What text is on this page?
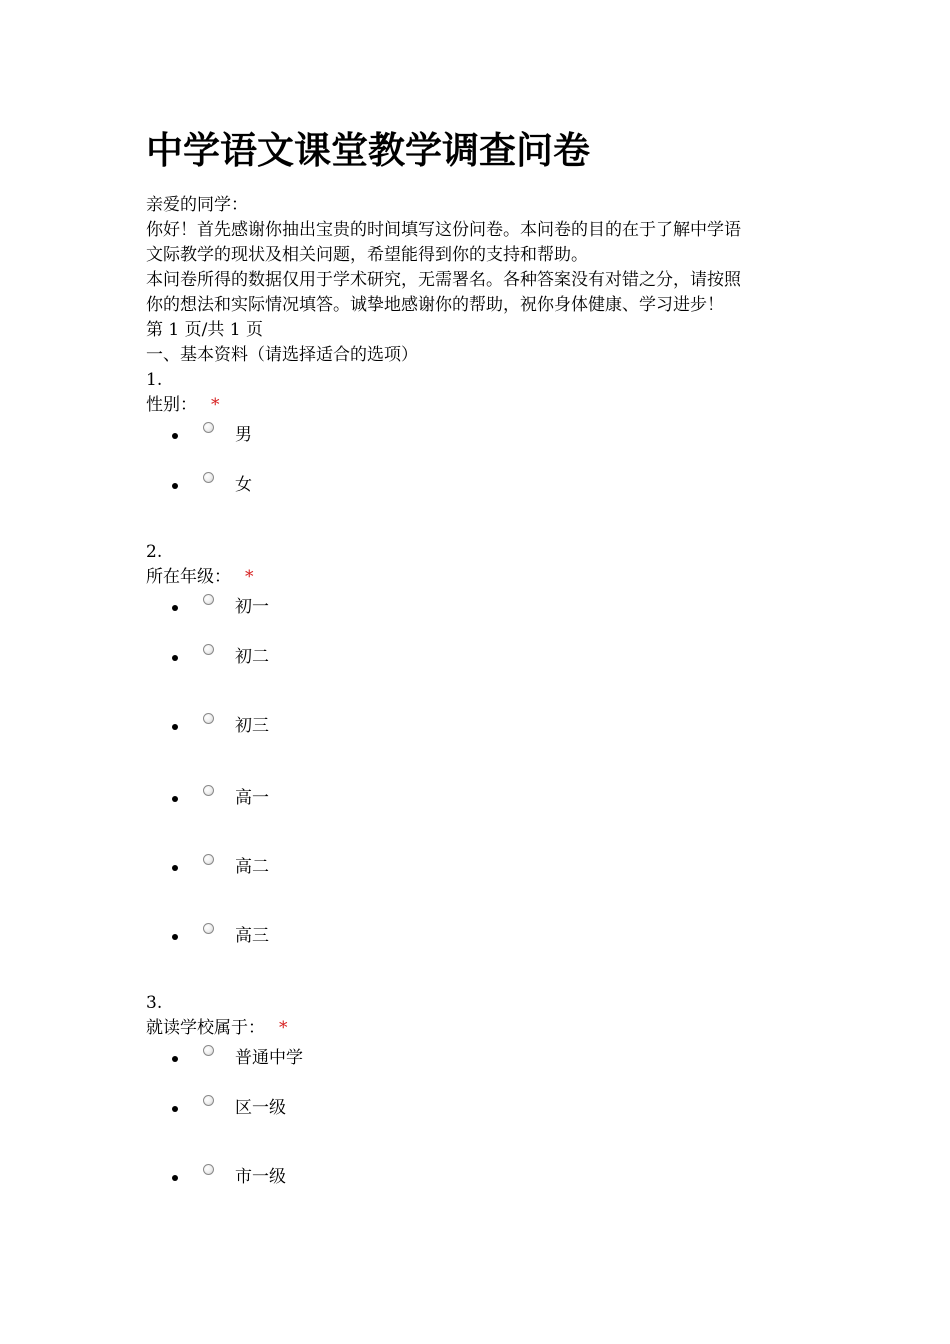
中学语文课堂教学调查问卷
亲爱的同学：
你好！首先感谢你抽出宝贵的时间填写这份问卷。本问卷的目的在于了解中学语
文际教学的现状及相关问题，希望能得到你的支持和帮助。
本问卷所得的数据仅用于学术研究，无需署名。各种答案没有对错之分，请按照
你的想法和实际情况填答。诚挚地感谢你的帮助，祝你身体健康、学习进步！
第 1 页/共 1 页
一、基本资料（请选择适合的选项）
1.
性别： *
男
女
2.
所在年级： *
初一
初二
初三
高一
高二
高三
3.
就读学校属于： *
普通中学
区一级
市一级
